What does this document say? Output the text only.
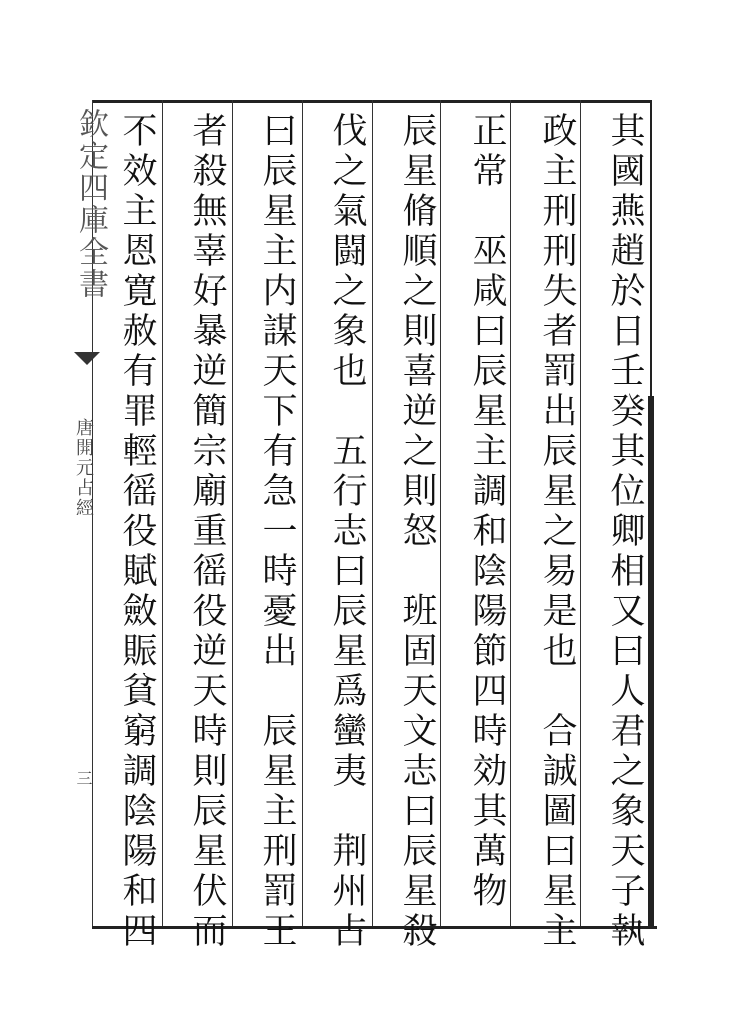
其國燕趙於日壬癸其位卿相又曰人君之象天子執
政主刑刑失者罰出辰星之易是也　合誠圖曰星主
正常　巫咸曰辰星主調和陰陽節四時効其萬物
辰星脩順之則喜逆之則怒　班固天文志曰辰星殺
伐之氣闘之象也　五行志曰辰星爲蠻夷　荆州占
曰辰星主内謀天下有急一時憂出　辰星主刑罰王
者殺無辜好暴逆簡宗廟重徭役逆天時則辰星伏而
不效主恩寛赦有罪輕徭役賦斂賑貧窮調陰陽和四
欽定四庫全書
唐開元占經
三
